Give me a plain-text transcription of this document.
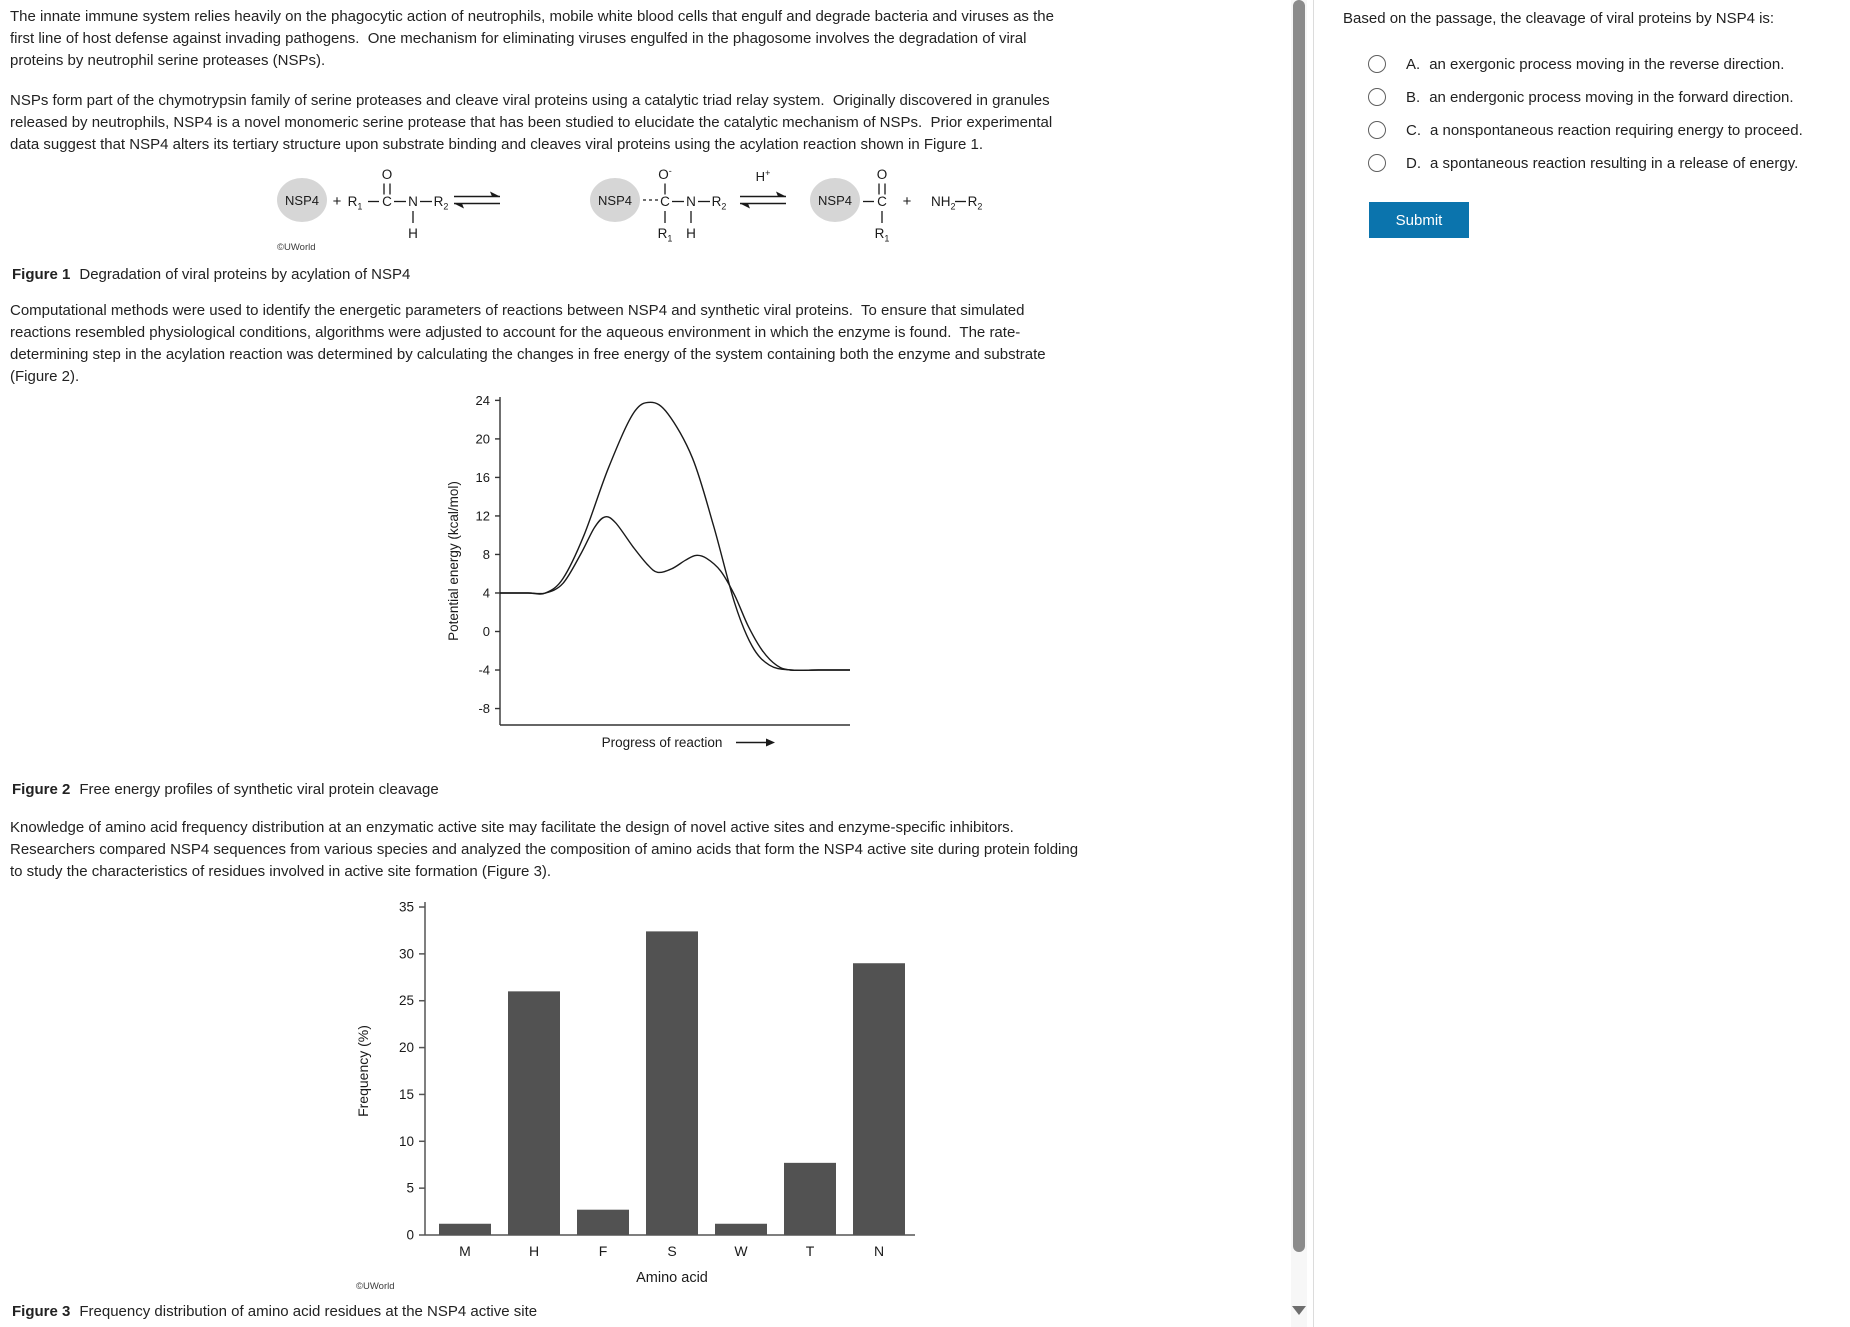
The innate immune system relies heavily on the phagocytic action of neutrophils, mobile white blood cells that engulf and degrade bacteria and viruses as the first line of host defense against invading pathogens.  One mechanism for eliminating viruses engulfed in the phagosome involves the degradation of viral proteins by neutrophil serine proteases (NSPs).
NSPs form part of the chymotrypsin family of serine proteases and cleave viral proteins using a catalytic triad relay system.  Originally discovered in granules released by neutrophils, NSP4 is a novel monomeric serine protease that has been studied to elucidate the catalytic mechanism of NSPs.  Prior experimental data suggest that NSP4 alters its tertiary structure upon substrate binding and cleaves viral proteins using the acylation reaction shown in Figure 1.
$NSP4 + R_1$ C
O
N
H
$R_2$	NSP4 C
O-
$R_1$
N
H
$R_2$
H+
NSP4 C
O
$R_1$
+ $NH_2$ $R_2$
©UWorld
Figure 1 Degradation of viral proteins by acylation of NSP4
Computational methods were used to identify the energetic parameters of reactions between NSP4 and synthetic viral proteins.  To ensure that simulated reactions resembled physiological conditions, algorithms were adjusted to account for the aqueous environment in which the enzyme is found.  The rate-determining step in the acylation reaction was determined by calculating the changes in free energy of the system containing both the enzyme and substrate (Figure 2).
24
20
16
12
8
4
0
-4
-8
Potential energy (kcal/mol)
Progress of reaction
Figure 2 Free energy profiles of synthetic viral protein cleavage
Knowledge of amino acid frequency distribution at an enzymatic active site may facilitate the design of novel active sites and enzyme-specific inhibitors.  Researchers compared NSP4 sequences from various species and analyzed the composition of amino acids that form the NSP4 active site during protein folding to study the characteristics of residues involved in active site formation (Figure 3).
0
5
10
15
20
25
30
35
Frequency (%)
M	H	F	S	W	T	N
Amino acid
©UWorld
Figure 3 Frequency distribution of amino acid residues at the NSP4 active site
Based on the passage, the cleavage of viral proteins by NSP4 is:
A. an exergonic process moving in the reverse direction.
B. an endergonic process moving in the forward direction.
C. a nonspontaneous reaction requiring energy to proceed.
D. a spontaneous reaction resulting in a release of energy.
Submit
